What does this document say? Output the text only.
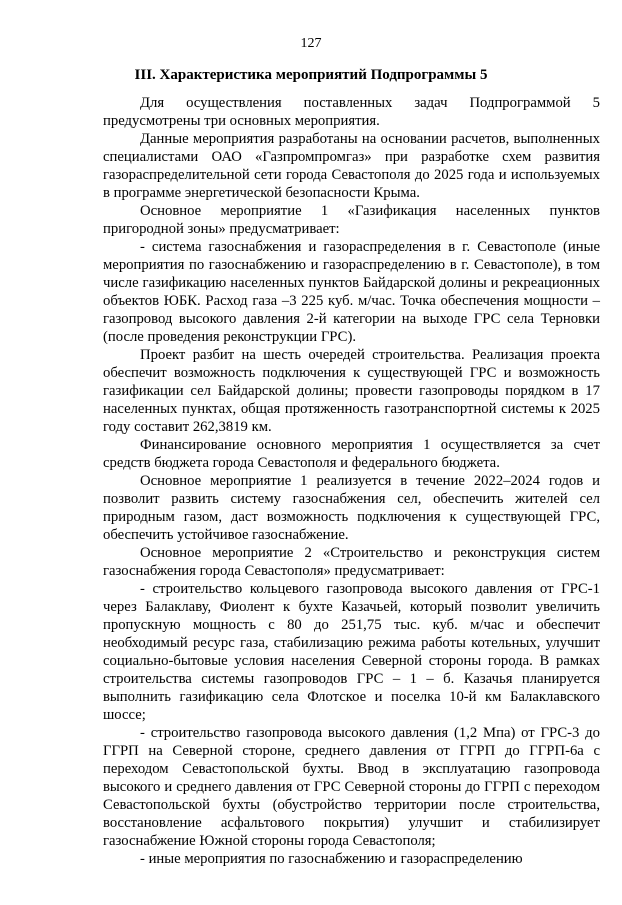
127
III. Характеристика мероприятий Подпрограммы 5

Для осуществления поставленных задач Подпрограммой 5 предусмотрены три основных мероприятия.

Данные мероприятия разработаны на основании расчетов, выполненных специалистами ОАО «Газпромпромгаз» при разработке схем развития газораспределительной сети города Севастополя до 2025 года и используемых в программе энергетической безопасности Крыма.

Основное мероприятие 1 «Газификация населенных пунктов пригородной зоны» предусматривает:

- система газоснабжения и газораспределения в г. Севастополе (иные мероприятия по газоснабжению и газораспределению в г. Севастополе), в том числе газификацию населенных пунктов Байдарской долины и рекреационных объектов ЮБК. Расход газа –3 225 куб. м/час. Точка обеспечения мощности – газопровод высокого давления 2-й категории на выходе ГРС села Терновки (после проведения реконструкции ГРС).

Проект разбит на шесть очередей строительства. Реализация проекта обеспечит возможность подключения к существующей ГРС и возможность газификации сел Байдарской долины; провести газопроводы порядком в 17 населенных пунктах, общая протяженность газотранспортной системы к 2025 году составит 262,3819 км.

Финансирование основного мероприятия 1 осуществляется за счет средств бюджета города Севастополя и федерального бюджета.

Основное мероприятие 1 реализуется в течение 2022–2024 годов и позволит развить систему газоснабжения сел, обеспечить жителей сел природным газом, даст возможность подключения к существующей ГРС, обеспечить устойчивое газоснабжение.

Основное мероприятие 2 «Строительство и реконструкция систем газоснабжения города Севастополя» предусматривает:

- строительство кольцевого газопровода высокого давления от ГРС-1 через Балаклаву, Фиолент к бухте Казачьей, который позволит увеличить пропускную мощность с 80 до 251,75 тыс. куб. м/час и обеспечит необходимый ресурс газа, стабилизацию режима работы котельных, улучшит социально-бытовые условия населения Северной стороны города. В рамках строительства системы газопроводов ГРС – 1 – б. Казачья планируется выполнить газификацию села Флотское и поселка 10-й км Балаклавского шоссе;

- строительство газопровода высокого давления (1,2 Мпа) от ГРС-3 до ГГРП на Северной стороне, среднего давления от ГГРП до ГГРП-6а с переходом Севастопольской бухты. Ввод в эксплуатацию газопровода высокого и среднего давления от ГРС Северной стороны до ГГРП с переходом Севастопольской бухты (обустройство территории после строительства, восстановление асфальтового покрытия) улучшит и стабилизирует газоснабжение Южной стороны города Севастополя;

- иные мероприятия по газоснабжению и газораспределению
